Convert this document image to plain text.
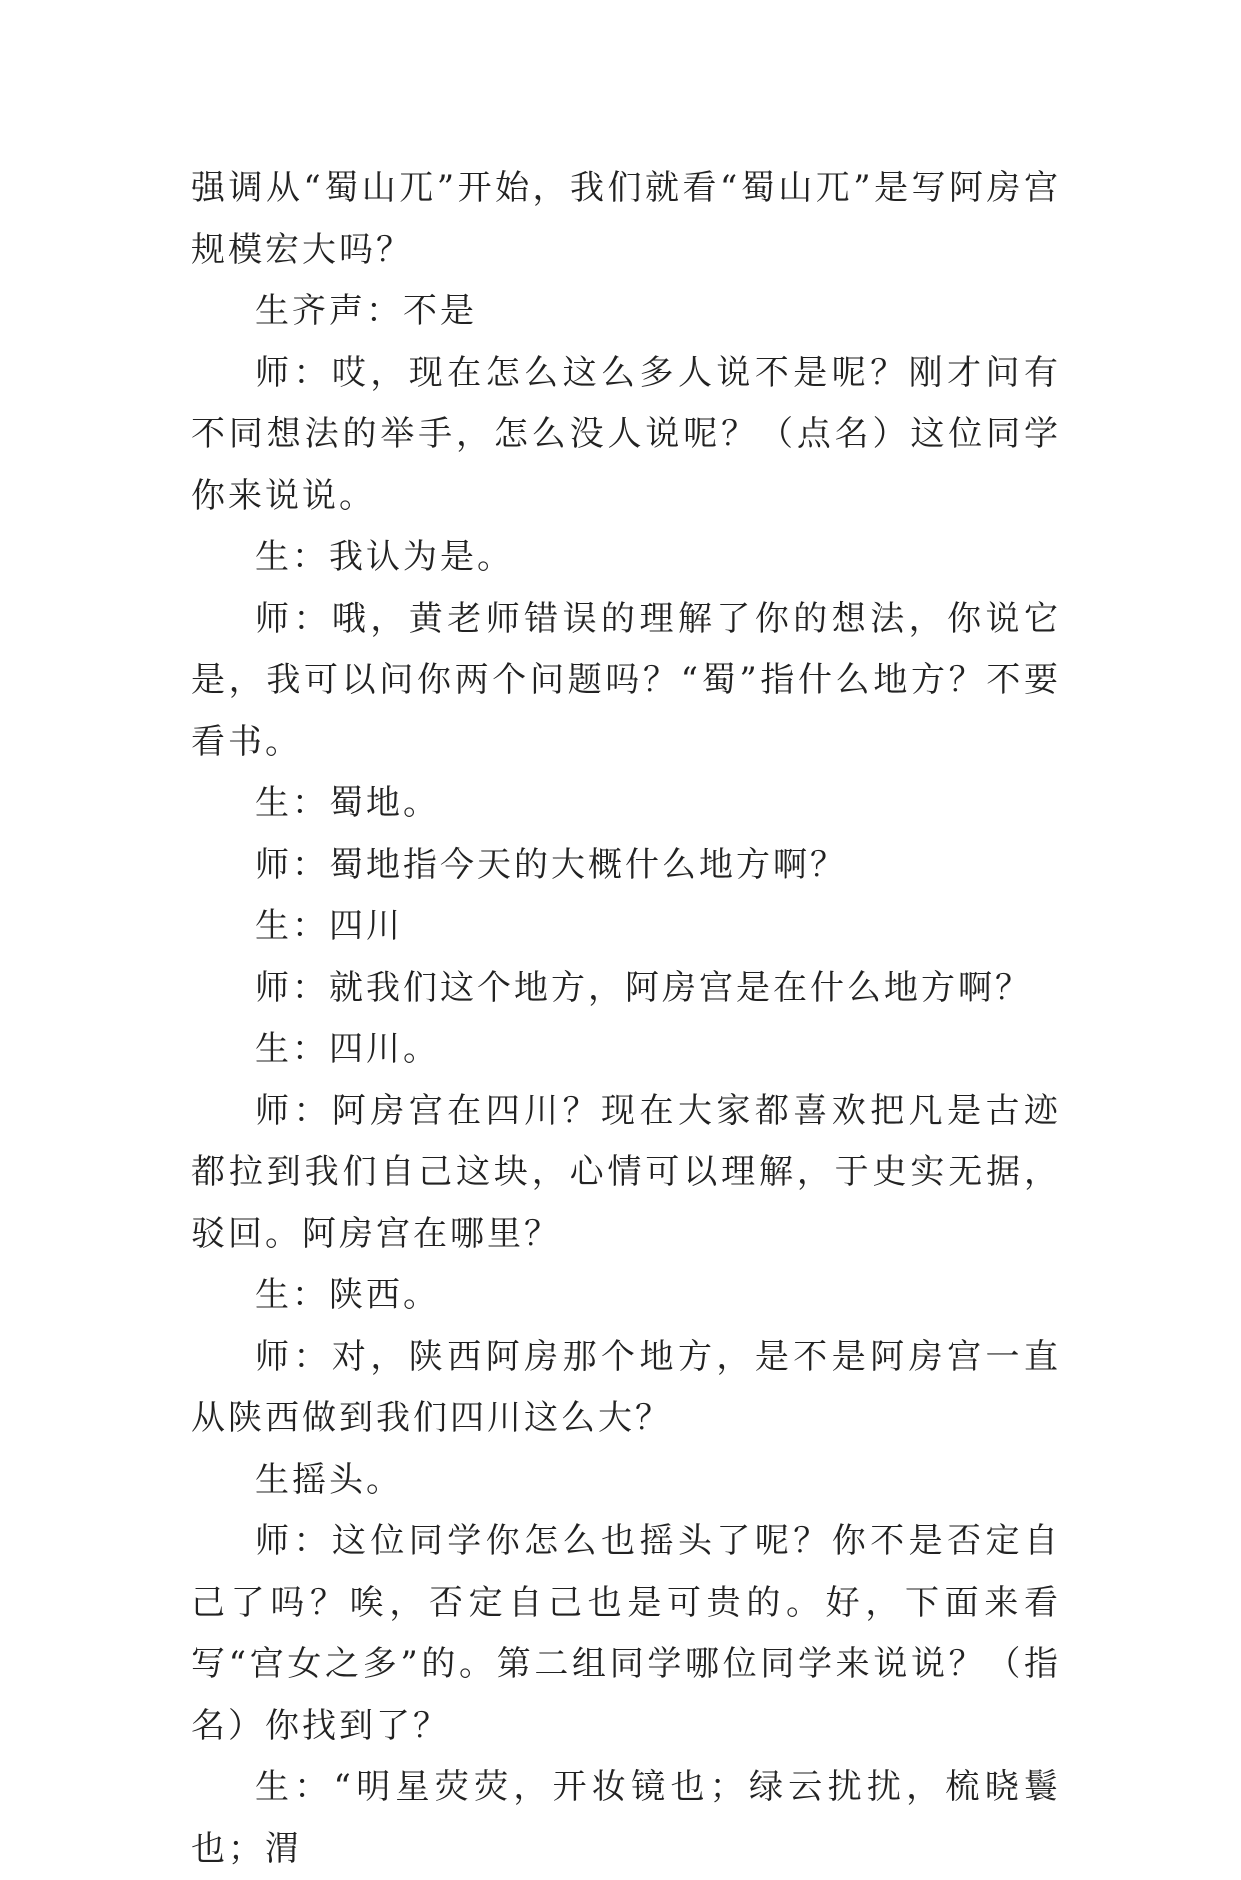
强调从“蜀山兀”开始，我们就看“蜀山兀”是写阿房宫规模宏大吗？

生齐声：不是

师：哎，现在怎么这么多人说不是呢？刚才问有不同想法的举手，怎么没人说呢？（点名）这位同学你来说说。

生：我认为是。

师：哦，黄老师错误的理解了你的想法，你说它是，我可以问你两个问题吗？“蜀”指什么地方？不要看书。

生：蜀地。

师：蜀地指今天的大概什么地方啊？

生：四川

师：就我们这个地方，阿房宫是在什么地方啊？

生：四川。

师：阿房宫在四川？现在大家都喜欢把凡是古迹都拉到我们自己这块，心情可以理解，于史实无据，驳回。阿房宫在哪里？

生：陕西。

师：对，陕西阿房那个地方，是不是阿房宫一直从陕西做到我们四川这么大？

生摇头。

师：这位同学你怎么也摇头了呢？你不是否定自己了吗？唉，否定自己也是可贵的。好，下面来看写“宫女之多”的。第二组同学哪位同学来说说？（指名）你找到了？

生：“明星荧荧，开妆镜也；绿云扰扰，梳晓鬟也；渭
